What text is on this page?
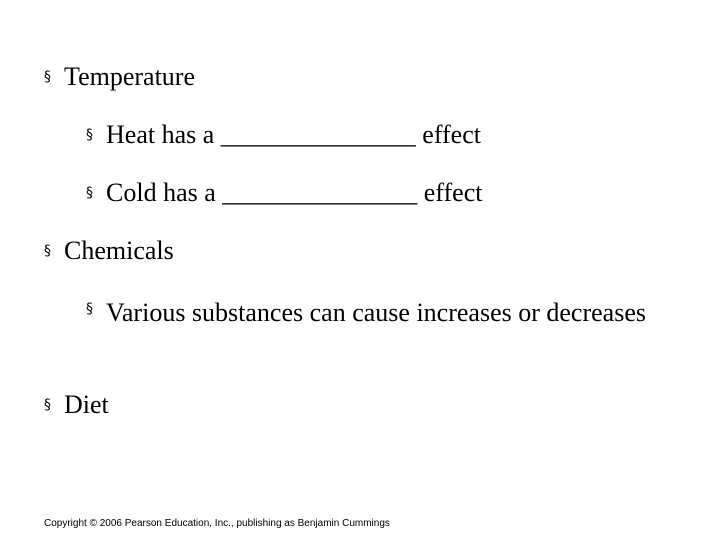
§ Temperature
§ Heat has a _______________ effect
§ Cold has a _______________ effect
§ Chemicals
§ Various substances can cause increases or decreases
§ Diet
Copyright © 2006 Pearson Education, Inc., publishing as Benjamin Cummings
